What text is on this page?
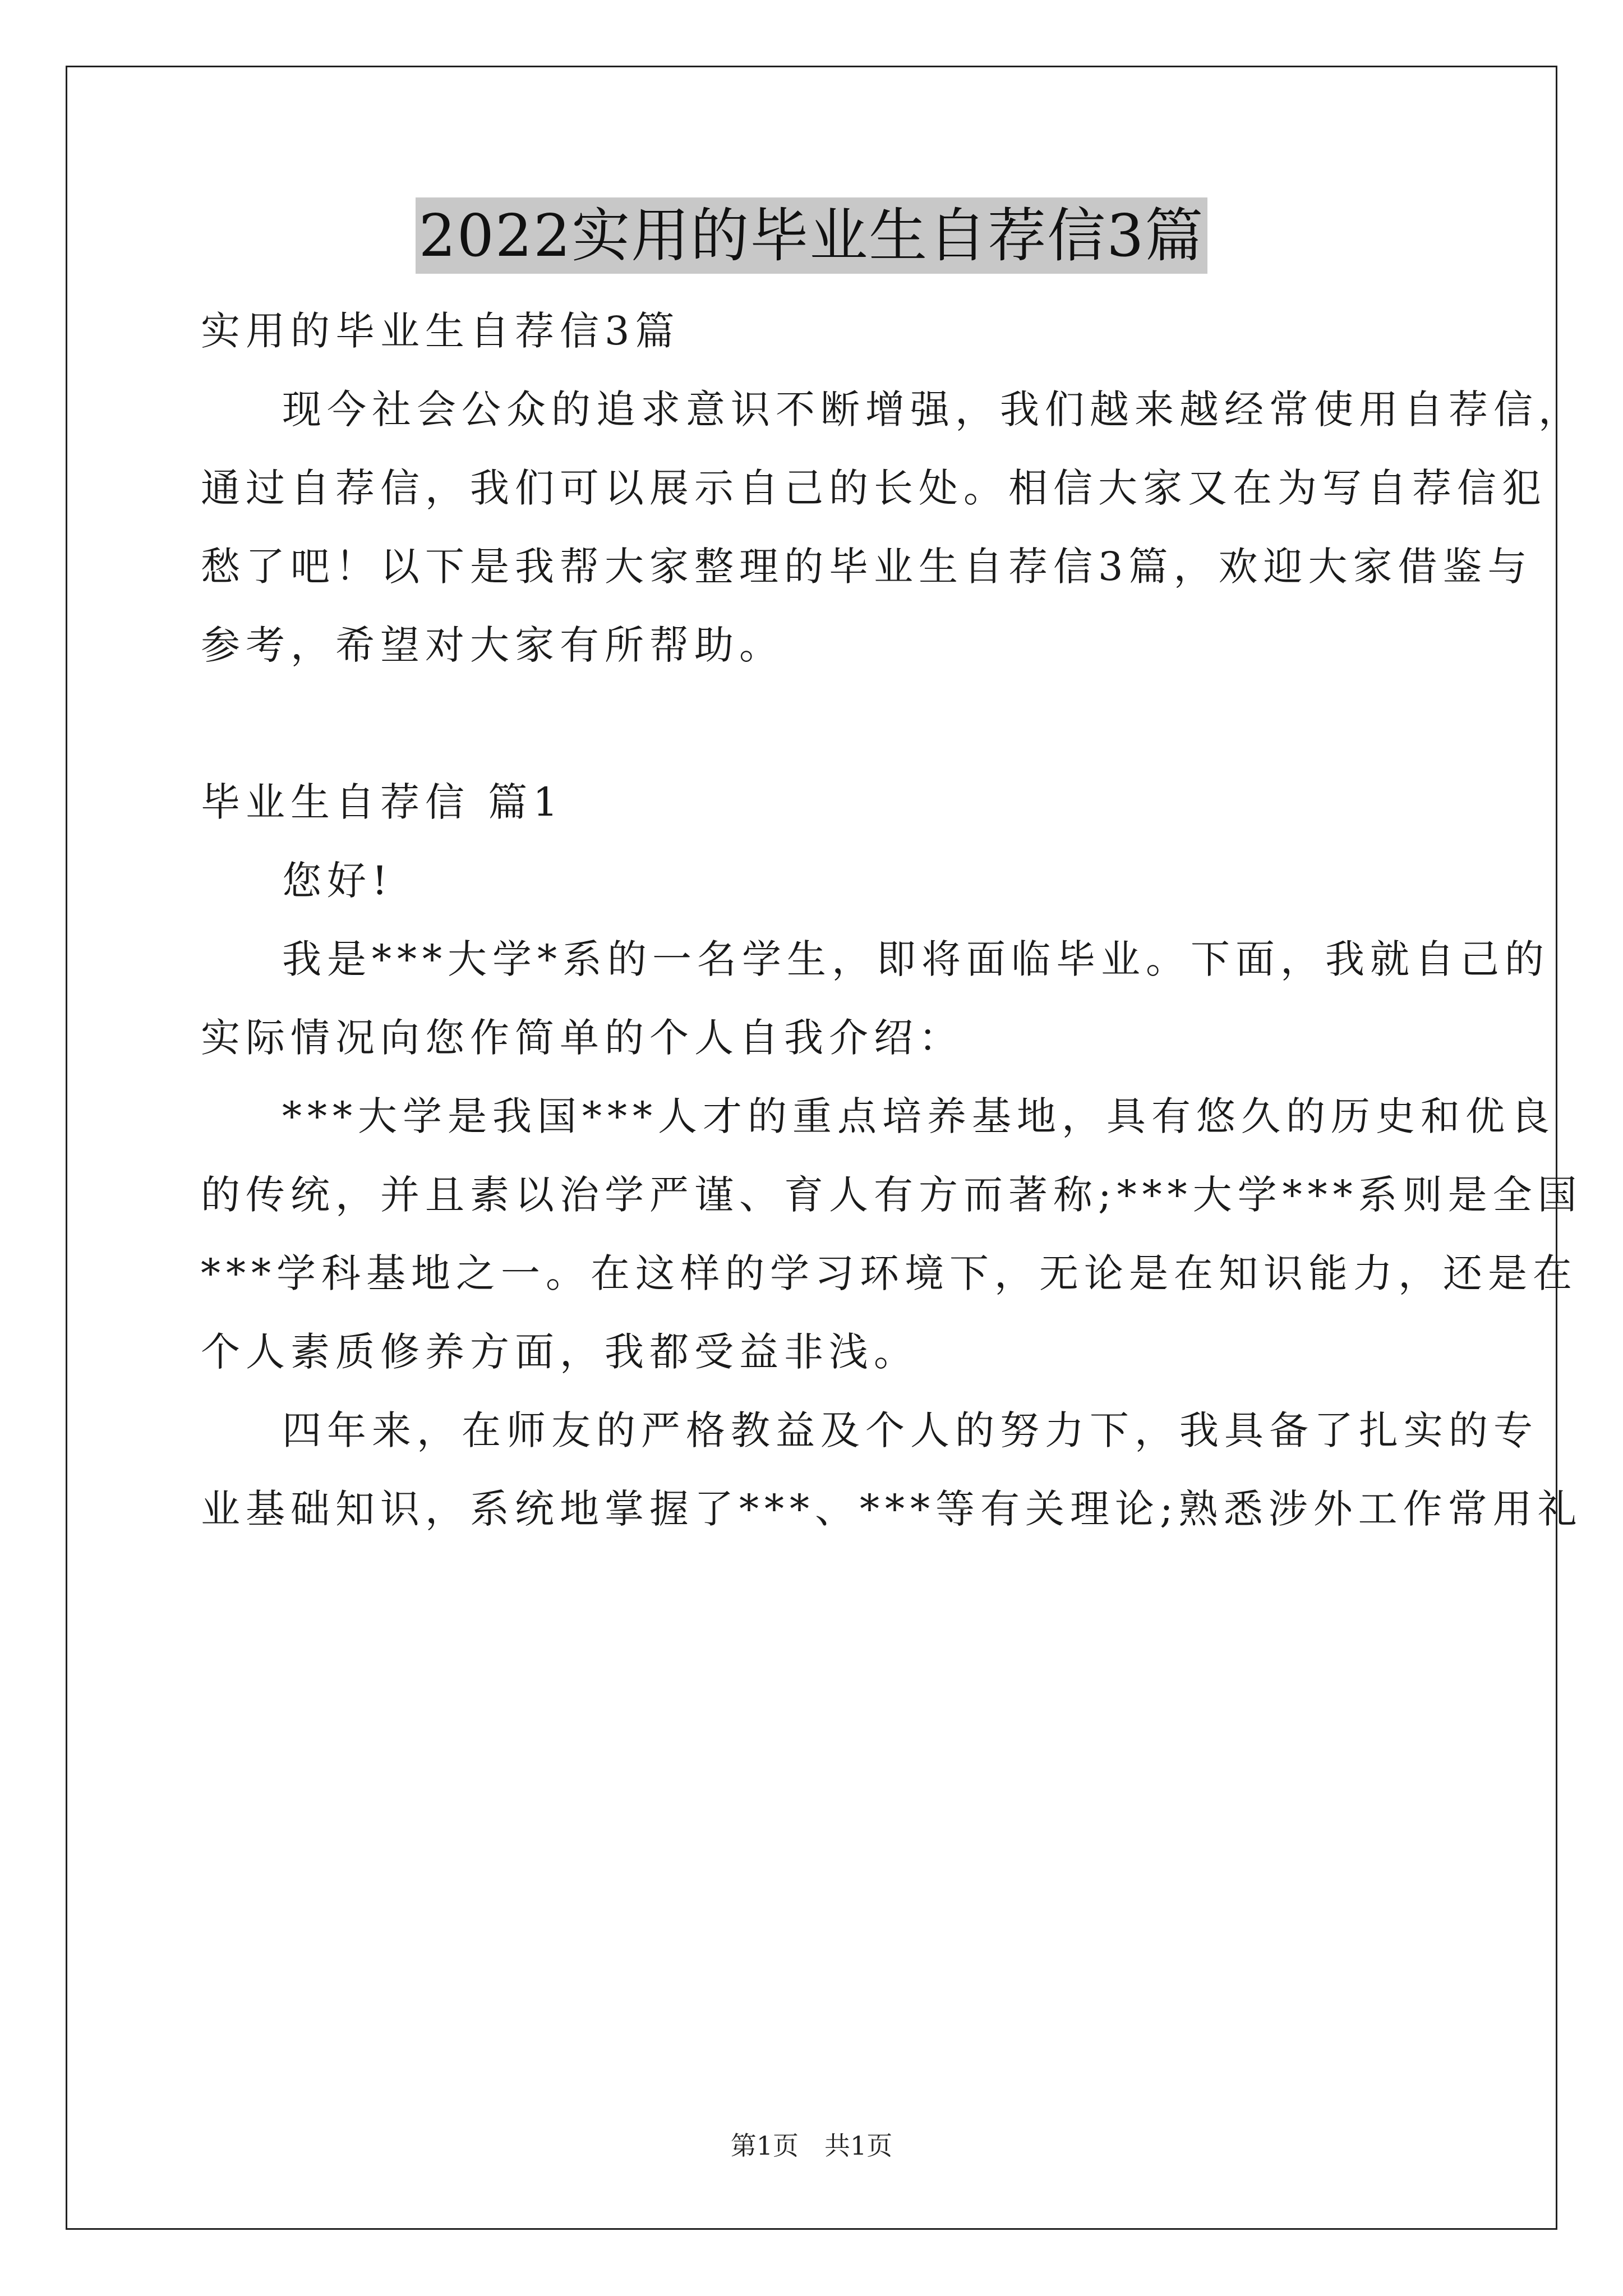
2022实用的毕业生自荐信3篇

实用的毕业生自荐信3篇

现今社会公众的追求意识不断增强，我们越来越经常使用自荐信，

通过自荐信，我们可以展示自己的长处。相信大家又在为写自荐信犯

愁了吧！以下是我帮大家整理的毕业生自荐信3篇，欢迎大家借鉴与

参考，希望对大家有所帮助。

毕业生自荐信 篇1

您好!

我是***大学*系的一名学生，即将面临毕业。下面，我就自己的

实际情况向您作简单的个人自我介绍：

***大学是我国***人才的重点培养基地，具有悠久的历史和优良

的传统，并且素以治学严谨、育人有方而著称;***大学***系则是全国

***学科基地之一。在这样的学习环境下，无论是在知识能力，还是在

个人素质修养方面，我都受益非浅。

四年来，在师友的严格教益及个人的努力下，我具备了扎实的专

业基础知识，系统地掌握了***、***等有关理论;熟悉涉外工作常用礼

第1页　共1页
